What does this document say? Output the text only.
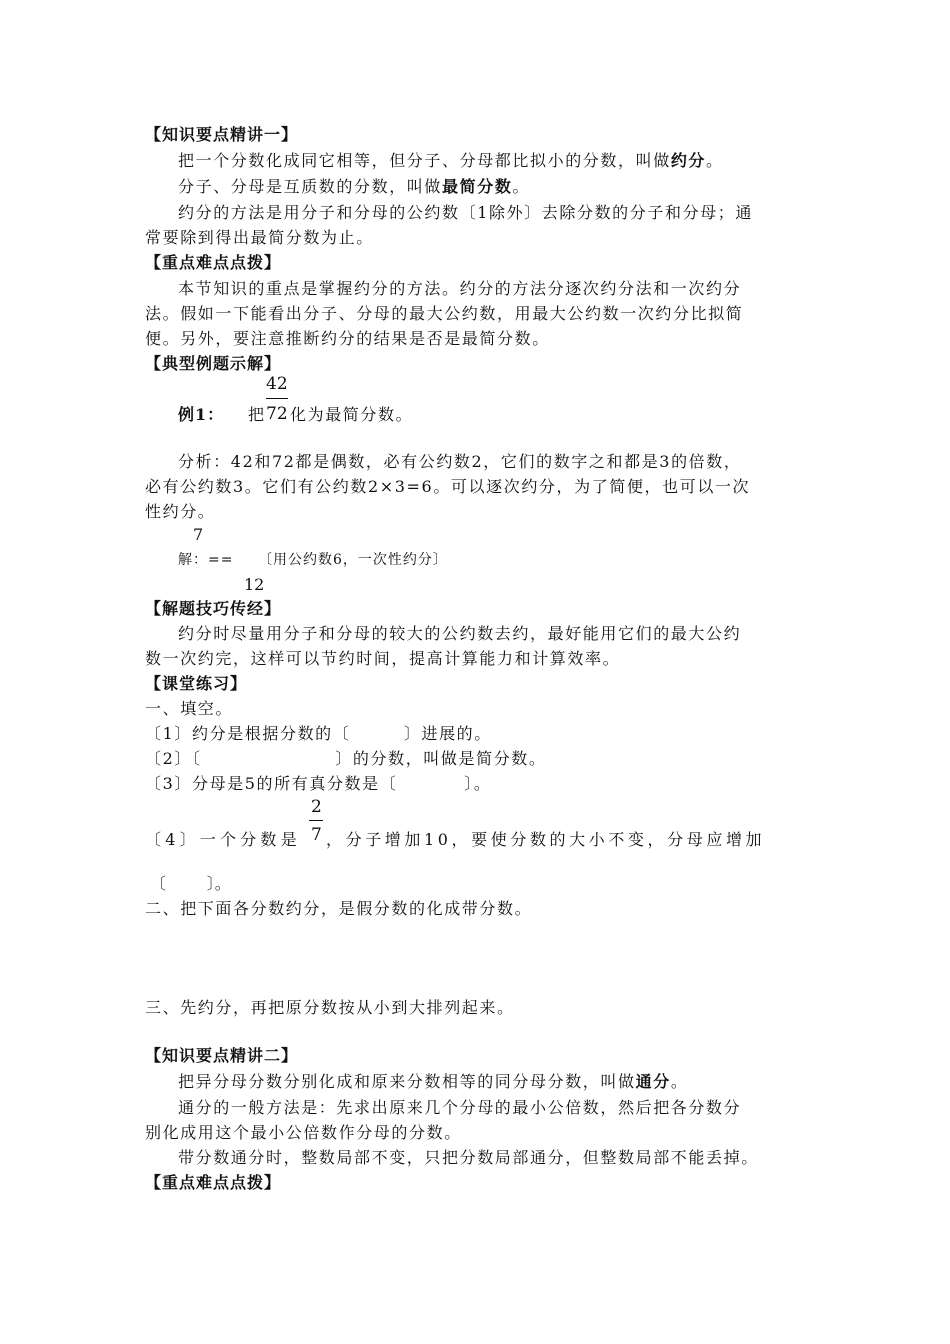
【知识要点精讲一】
把一个分数化成同它相等，但分子、分母都比拟小的分数，叫做约分。
分子、分母是互质数的分数，叫做最简分数。
约分的方法是用分子和分母的公约数〔1除外〕去除分数的分子和分母；通
常要除到得出最简分数为止。
【重点难点点拨】
本节知识的重点是掌握约分的方法。约分的方法分逐次约分法和一次约分
法。假如一下能看出分子、分母的最大公约数，用最大公约数一次约分比拟简
便。另外，要注意推断约分的结果是否是最简分数。
【典型例题示解】
42
例1： 把 72 化为最简分数。
分析：42和72都是偶数，必有公约数2，它们的数字之和都是3的倍数，
必有公约数3。它们有公约数2×3=6。可以逐次约分，为了简便，也可以一次
性约分。
7
解：== 〔用公约数6，一次性约分〕
12
【解题技巧传经】
约分时尽量用分子和分母的较大的公约数去约，最好能用它们的最大公约
数一次约完，这样可以节约时间，提高计算能力和计算效率。
【课堂练习】
一、填空。
〔1〕约分是根据分数的〔        〕进展的。
〔2〕〔                    〕的分数，叫做是简分数。
〔3〕分母是5的所有真分数是〔          〕。
2
〔4〕一个分数是 7 ，分子增加10，要使分数的大小不变，分母应增加
〔        〕。
二、把下面各分数约分，是假分数的化成带分数。
三、先约分，再把原分数按从小到大排列起来。
【知识要点精讲二】
把异分母分数分别化成和原来分数相等的同分母分数，叫做通分。
通分的一般方法是：先求出原来几个分母的最小公倍数，然后把各分数分
别化成用这个最小公倍数作分母的分数。
带分数通分时，整数局部不变，只把分数局部通分，但整数局部不能丢掉。
【重点难点点拨】
